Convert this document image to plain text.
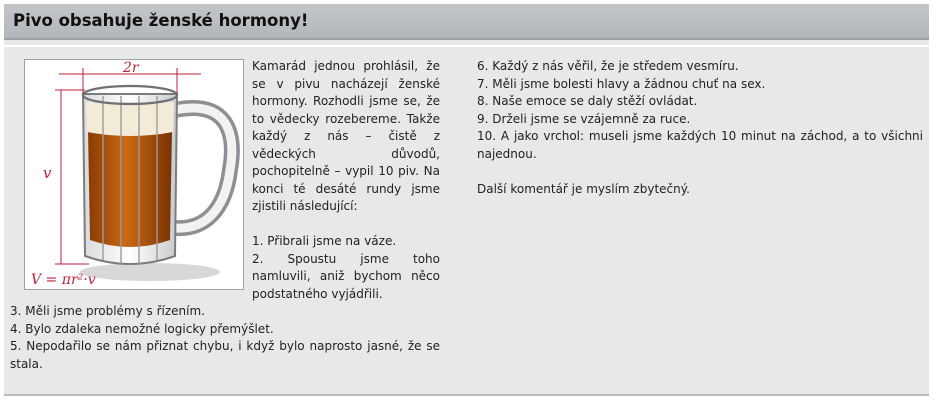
Pivo obsahuje ženské hormony!
2r
v
V = πr²·v

Kamarád jednou prohlásil, že se v pivu nacházejí ženské hormony. Rozhodli jsme se, že to vědecky rozebereme. Takže každý z nás – čistě z vědeckých důvodů, pochopitelně – vypil 10 piv. Na konci té desáté rundy jsme zjistili následující:

1. Přibrali jsme na váze.

2. Spoustu jsme toho namluvili, aniž bychom něco podstatného vyjádřili.

3. Měli jsme problémy s řízením.

4. Bylo zdaleka nemožné logicky přemýšlet.

5. Nepodařilo se nám přiznat chybu, i když bylo naprosto jasné, že se stala.

6. Každý z nás věřil, že je středem vesmíru.

7. Měli jsme bolesti hlavy a žádnou chuť na sex.

8. Naše emoce se daly stěží ovládat.

9. Drželi jsme se vzájemně za ruce.

10. A jako vrchol: museli jsme každých 10 minut na záchod, a to všichni najednou.

Další komentář je myslím zbytečný.
